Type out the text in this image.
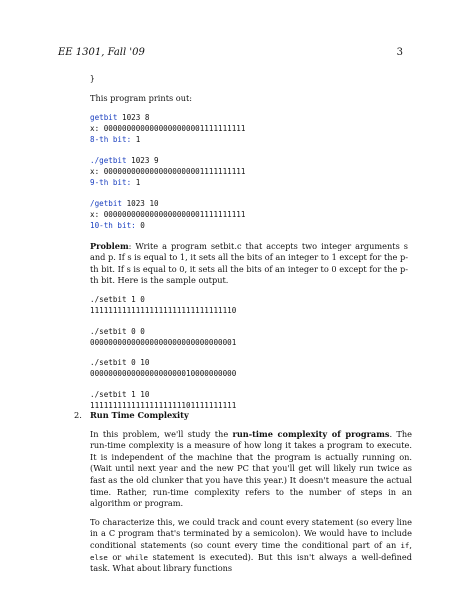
EE 1301, Fall '09	3
}
This program prints out:
getbit 1023 8
x: 0000000000000000000001111111111
8-th bit: 1
./getbit 1023 9
x: 0000000000000000000001111111111
9-th bit: 1
/getbit 1023 10
x: 0000000000000000000001111111111
10-th bit: 0
Problem: Write a program setbit.c that accepts two integer arguments s and p. If s is equal to 1, it sets all the bits of an integer to 1 except for the p-th bit. If s is equal to 0, it sets all the bits of an integer to 0 except for the p-th bit. Here is the sample output.
./setbit 1 0
11111111111111111111111111111110
./setbit 0 0
00000000000000000000000000000001
./setbit 0 10
00000000000000000000010000000000
./setbit 1 10
11111111111111111111101111111111
2. Run Time Complexity
In this problem, we'll study the run-time complexity of programs. The run-time complexity is a measure of how long it takes a program to execute. It is independent of the machine that the program is actually running on. (Wait until next year and the new PC that you'll get will likely run twice as fast as the old clunker that you have this year.) It doesn't measure the actual time. Rather, run-time complexity refers to the number of steps in an algorithm or program.
To characterize this, we could track and count every statement (so every line in a C program that's terminated by a semicolon). We would have to include conditional statements (so count every time the conditional part of an if, else or while statement is executed). But this isn't always a well-defined task. What about library functions
